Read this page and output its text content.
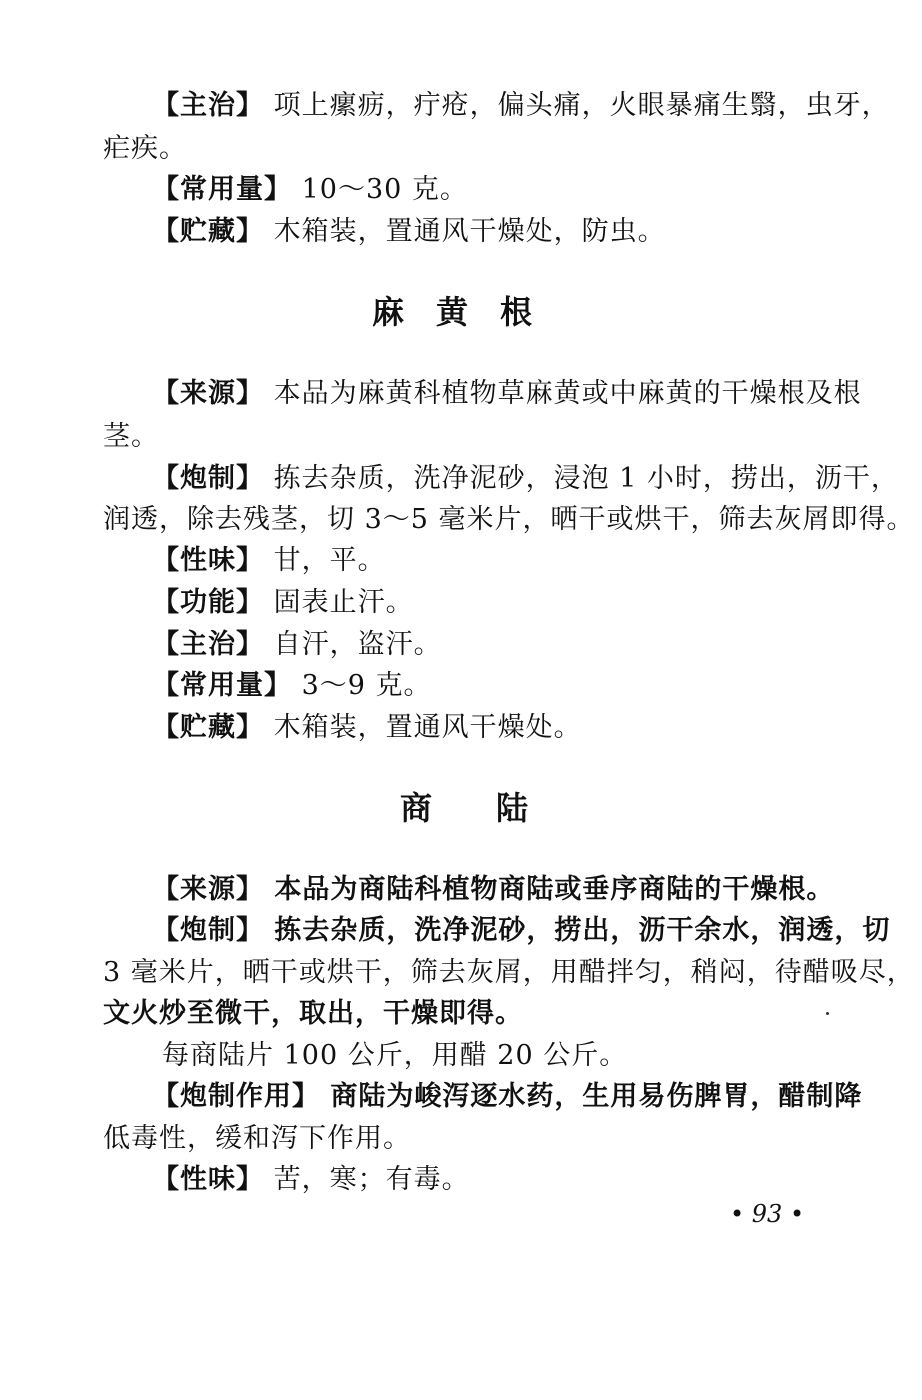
【主治】 项上瘰疬，疔疮，偏头痛，火眼暴痛生翳，虫牙，
疟疾。
【常用量】 10～30 克。
【贮藏】 木箱装，置通风干燥处，防虫。
麻　黄　根
【来源】 本品为麻黄科植物草麻黄或中麻黄的干燥根及根
茎。
【炮制】 拣去杂质，洗净泥砂，浸泡 1 小时，捞出，沥干，
润透，除去残茎，切 3～5 毫米片，晒干或烘干，筛去灰屑即得。
【性味】 甘，平。
【功能】 固表止汗。
【主治】 自汗，盗汗。
【常用量】 3～9 克。
【贮藏】 木箱装，置通风干燥处。
商　　陆
【来源】 本品为商陆科植物商陆或垂序商陆的干燥根。
【炮制】 拣去杂质，洗净泥砂，捞出，沥干余水，润透，切
3 毫米片，晒干或烘干，筛去灰屑，用醋拌匀，稍闷，待醋吸尽，
文火炒至微干，取出，干燥即得。
每商陆片 100 公斤，用醋 20 公斤。
【炮制作用】 商陆为峻泻逐水药，生用易伤脾胃，醋制降
低毒性，缓和泻下作用。
【性味】 苦，寒；有毒。
• 93 •
